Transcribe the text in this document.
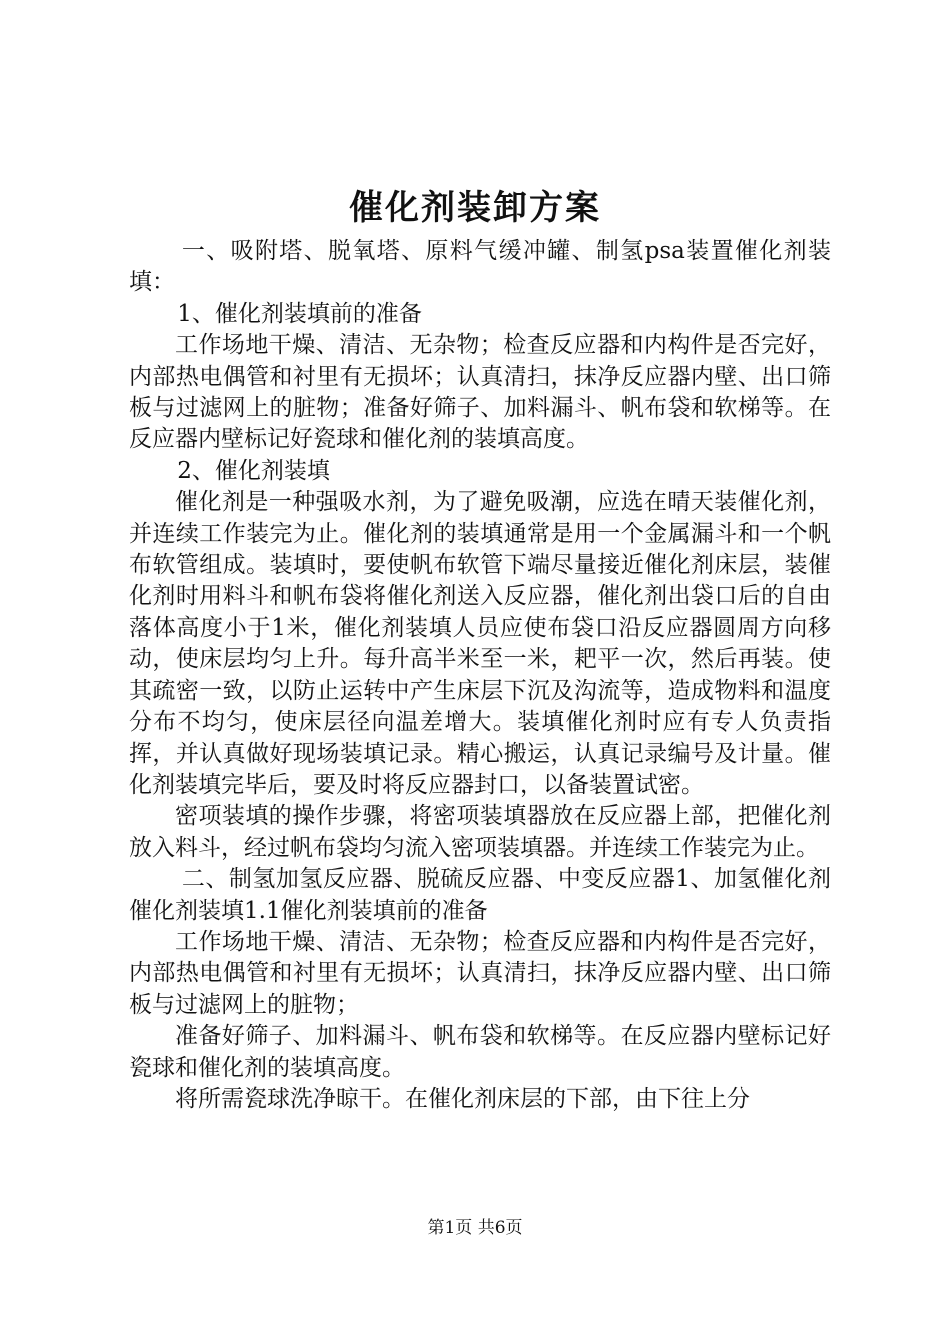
催化剂装卸方案

一、吸附塔、脱氧塔、原料气缓冲罐、制氢psa装置催化剂装填：

1、催化剂装填前的准备

工作场地干燥、清洁、无杂物；检查反应器和内构件是否完好，内部热电偶管和衬里有无损坏；认真清扫，抹净反应器内壁、出口筛板与过滤网上的脏物；准备好筛子、加料漏斗、帆布袋和软梯等。在反应器内壁标记好瓷球和催化剂的装填高度。

2、催化剂装填

催化剂是一种强吸水剂，为了避免吸潮，应选在晴天装催化剂，并连续工作装完为止。催化剂的装填通常是用一个金属漏斗和一个帆布软管组成。装填时，要使帆布软管下端尽量接近催化剂床层，装催化剂时用料斗和帆布袋将催化剂送入反应器，催化剂出袋口后的自由落体高度小于1米，催化剂装填人员应使布袋口沿反应器圆周方向移动，使床层均匀上升。每升高半米至一米，耙平一次，然后再装。使其疏密一致，以防止运转中产生床层下沉及沟流等，造成物料和温度分布不均匀，使床层径向温差增大。装填催化剂时应有专人负责指挥，并认真做好现场装填记录。精心搬运，认真记录编号及计量。催化剂装填完毕后，要及时将反应器封口，以备装置试密。

密项装填的操作步骤，将密项装填器放在反应器上部，把催化剂放入料斗，经过帆布袋均匀流入密项装填器。并连续工作装完为止。

二、制氢加氢反应器、脱硫反应器、中变反应器1、加氢催化剂催化剂装填1.1催化剂装填前的准备

工作场地干燥、清洁、无杂物；检查反应器和内构件是否完好，内部热电偶管和衬里有无损坏；认真清扫，抹净反应器内壁、出口筛板与过滤网上的脏物；

准备好筛子、加料漏斗、帆布袋和软梯等。在反应器内壁标记好瓷球和催化剂的装填高度。

将所需瓷球洗净晾干。在催化剂床层的下部，由下往上分

第1页 共6页
